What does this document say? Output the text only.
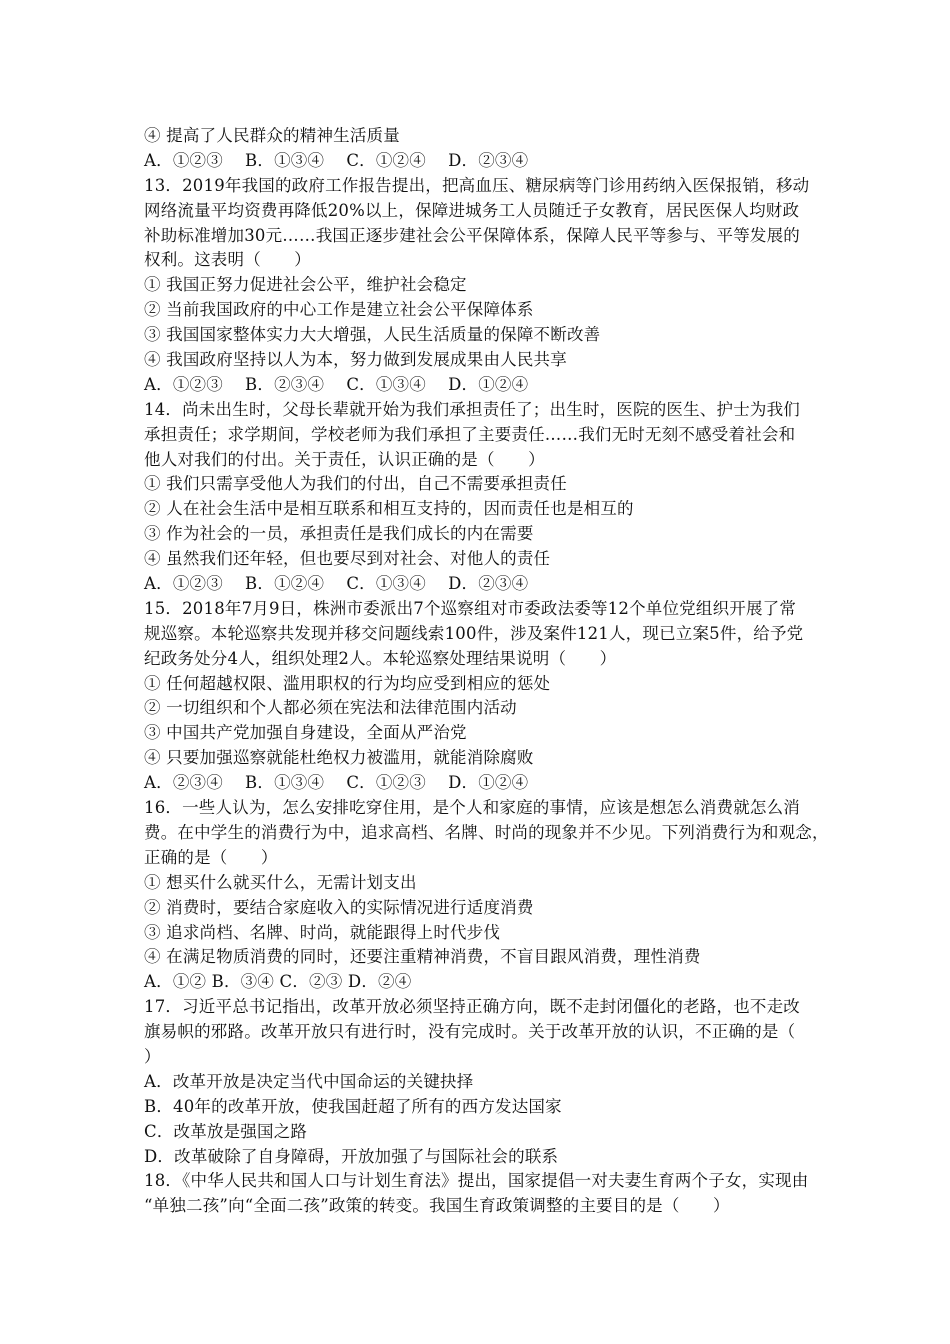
④ 提高了人民群众的精神生活质量
A．①②③　 B．①③④　 C．①②④　 D．②③④
13．2019年我国的政府工作报告提出，把高血压、糖尿病等门诊用药纳入医保报销，移动
网络流量平均资费再降低20%以上，保障进城务工人员随迁子女教育，居民医保人均财政
补助标准增加30元……我国正逐步建社会公平保障体系，保障人民平等参与、平等发展的
权利。这表明（　　）
① 我国正努力促进社会公平，维护社会稳定
② 当前我国政府的中心工作是建立社会公平保障体系
③ 我国国家整体实力大大增强，人民生活质量的保障不断改善
④ 我国政府坚持以人为本，努力做到发展成果由人民共享
A．①②③　 B．②③④　 C．①③④　 D．①②④
14．尚未出生时，父母长辈就开始为我们承担责任了；出生时，医院的医生、护士为我们
承担责任；求学期间，学校老师为我们承担了主要责任……我们无时无刻不感受着社会和
他人对我们的付出。关于责任，认识正确的是（　　）
① 我们只需享受他人为我们的付出，自己不需要承担责任
② 人在社会生活中是相互联系和相互支持的，因而责任也是相互的
③ 作为社会的一员，承担责任是我们成长的内在需要
④ 虽然我们还年轻，但也要尽到对社会、对他人的责任
A．①②③　 B．①②④　 C．①③④　 D．②③④
15．2018年7月9日，株洲市委派出7个巡察组对市委政法委等12个单位党组织开展了常
规巡察。本轮巡察共发现并移交问题线索100件，涉及案件121人，现已立案5件，给予党
纪政务处分4人，组织处理2人。本轮巡察处理结果说明（　　）
① 任何超越权限、滥用职权的行为均应受到相应的惩处
② 一切组织和个人都必须在宪法和法律范围内活动
③ 中国共产党加强自身建设，全面从严治党
④ 只要加强巡察就能杜绝权力被滥用，就能消除腐败
A．②③④　 B．①③④　 C．①②③　 D．①②④
16．一些人认为，怎么安排吃穿住用，是个人和家庭的事情，应该是想怎么消费就怎么消
费。在中学生的消费行为中，追求高档、名牌、时尚的现象并不少见。下列消费行为和观念，
正确的是（　　）
① 想买什么就买什么，无需计划支出
② 消费时，要结合家庭收入的实际情况进行适度消费
③ 追求尚档、名牌、时尚，就能跟得上时代步伐
④ 在满足物质消费的同时，还要注重精神消费，不盲目跟风消费，理性消费
A．①② B．③④ C．②③ D．②④
17．习近平总书记指出，改革开放必须坚持正确方向，既不走封闭僵化的老路，也不走改
旗易帜的邪路。改革开放只有进行时，没有完成时。关于改革开放的认识，不正确的是（
）
A．改革开放是决定当代中国命运的关键抉择
B．40年的改革开放，使我国赶超了所有的西方发达国家
C．改革放是强国之路
D．改革破除了自身障碍，开放加强了与国际社会的联系
18．《中华人民共和国人口与计划生育法》提出，国家提倡一对夫妻生育两个子女，实现由
“单独二孩”向“全面二孩”政策的转变。我国生育政策调整的主要目的是（　　）
